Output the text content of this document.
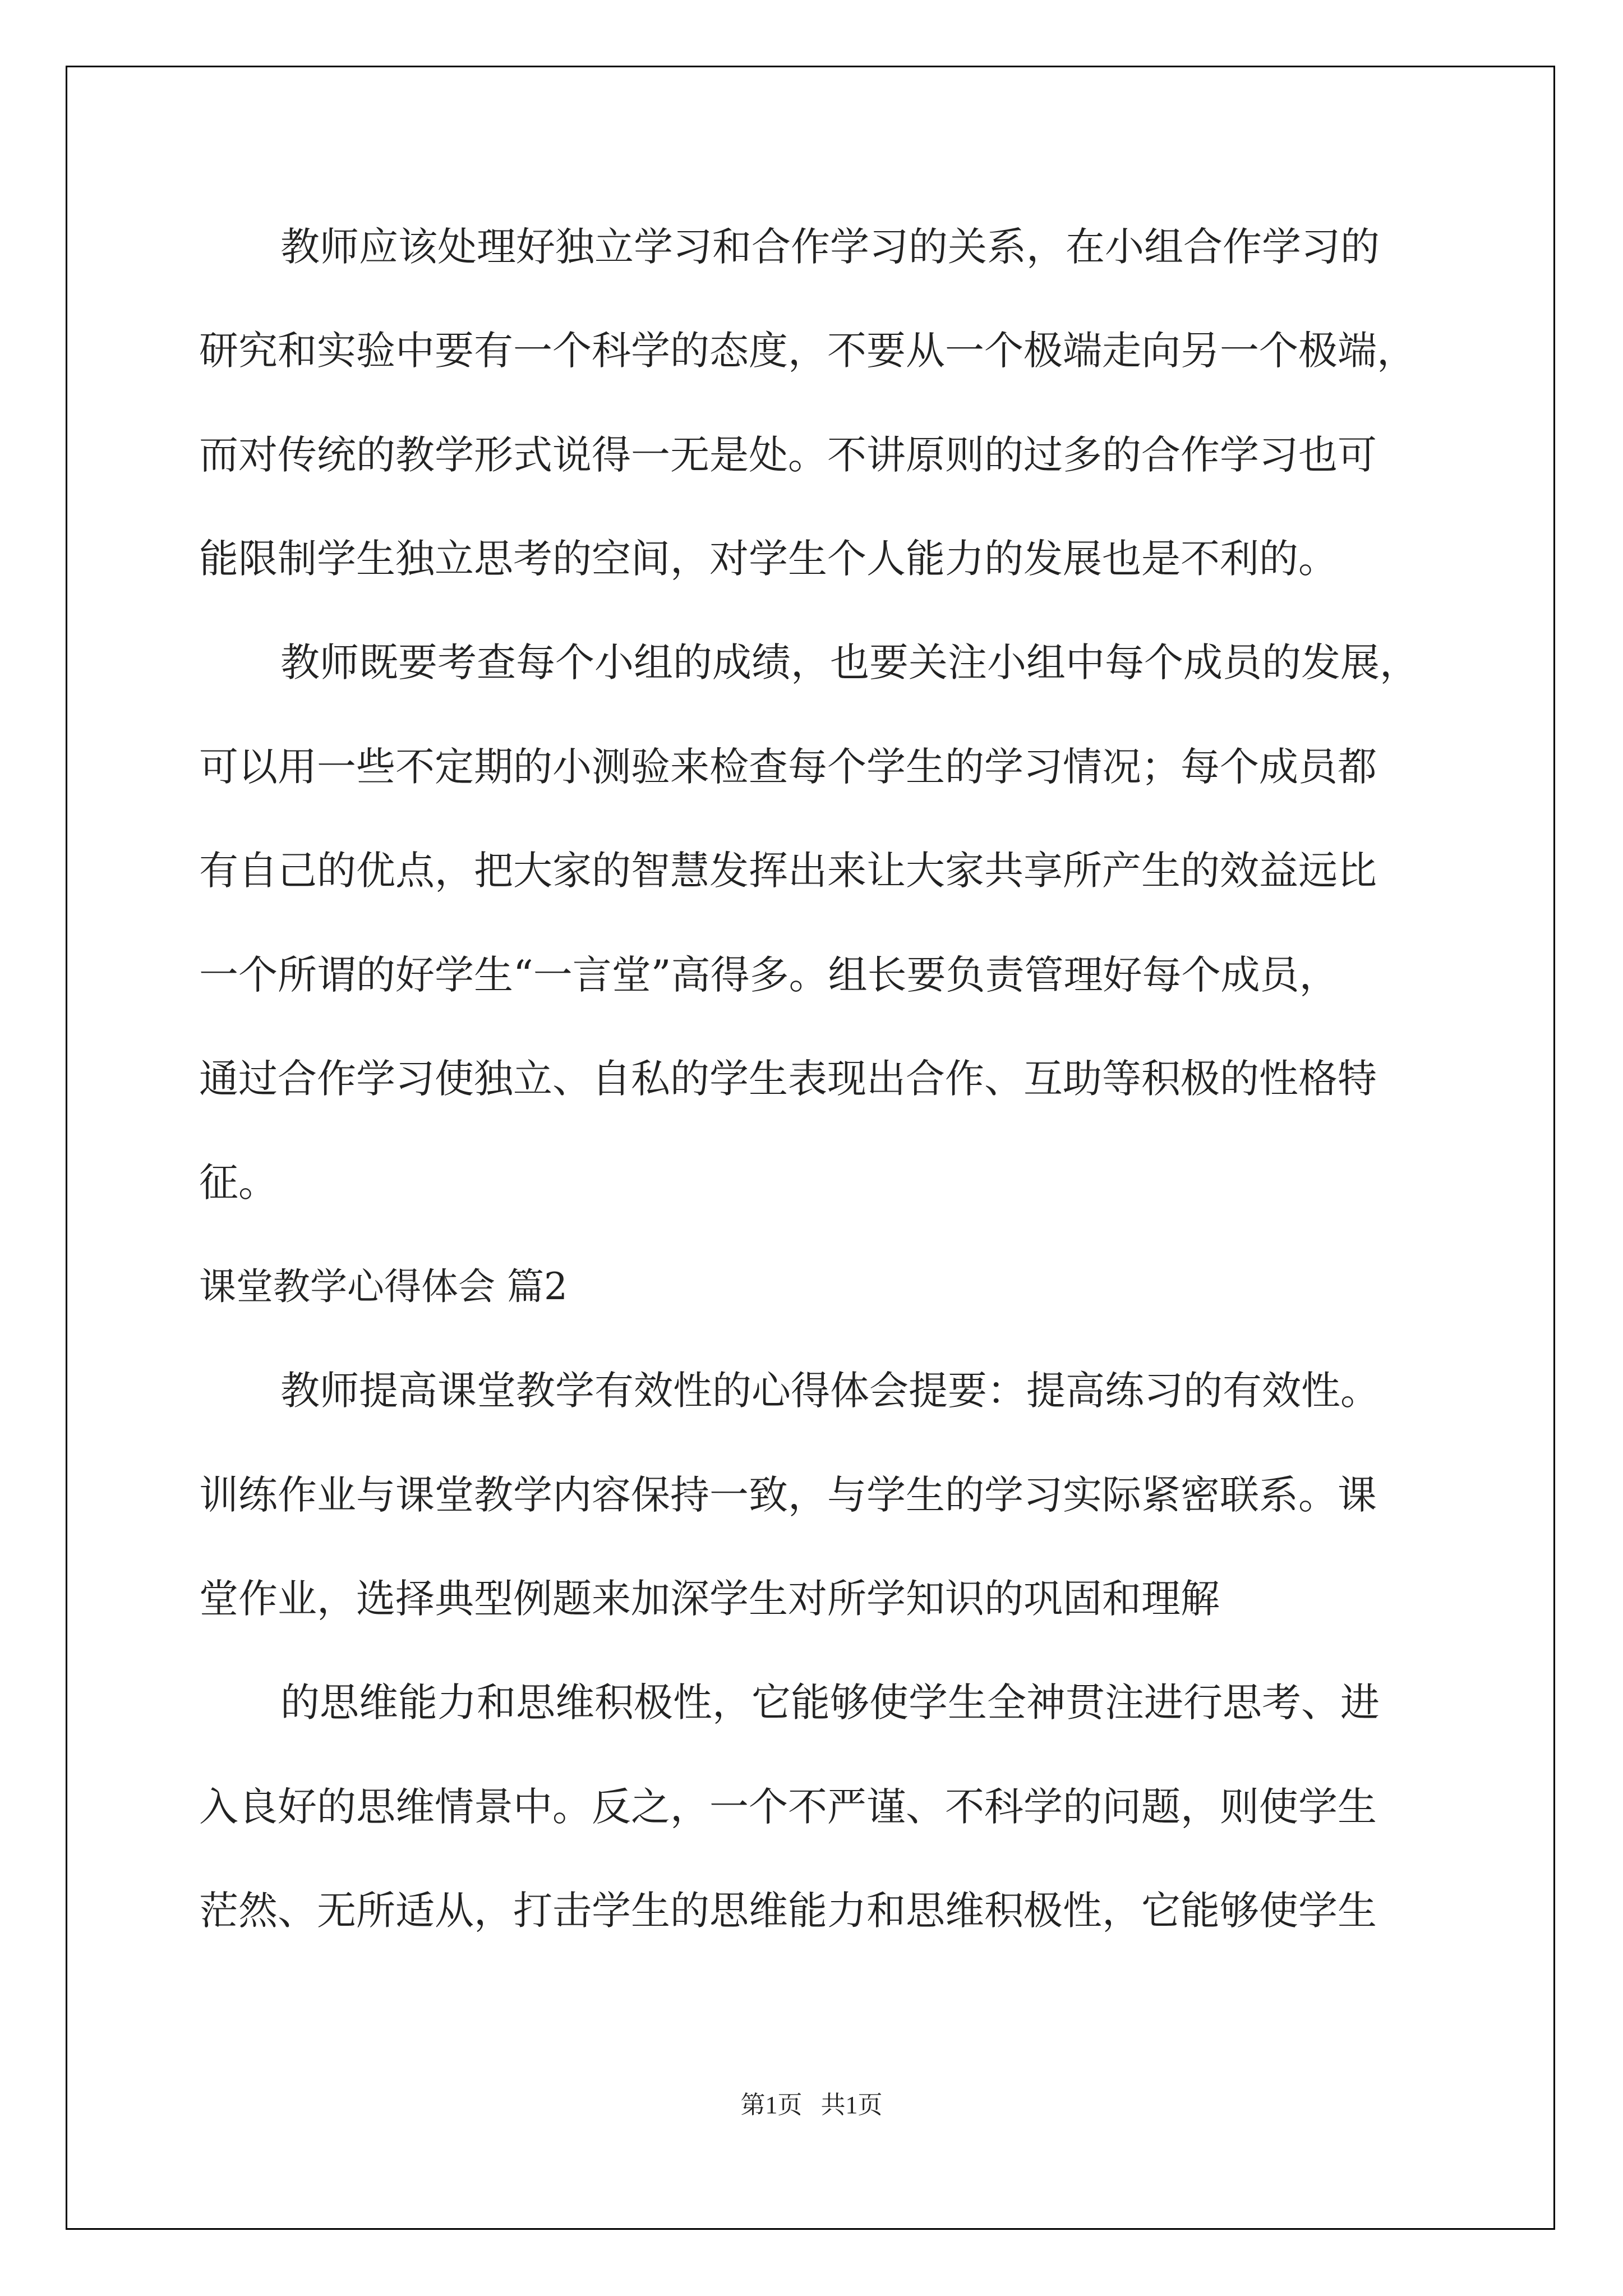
教师应该处理好独立学习和合作学习的关系，在小组合作学习的

研究和实验中要有一个科学的态度，不要从一个极端走向另一个极端，

而对传统的教学形式说得一无是处。不讲原则的过多的合作学习也可

能限制学生独立思考的空间，对学生个人能力的发展也是不利的。

教师既要考查每个小组的成绩，也要关注小组中每个成员的发展，

可以用一些不定期的小测验来检查每个学生的学习情况；每个成员都

有自己的优点，把大家的智慧发挥出来让大家共享所产生的效益远比

一个所谓的好学生“一言堂”高得多。组长要负责管理好每个成员，

通过合作学习使独立、自私的学生表现出合作、互助等积极的性格特

征。

课堂教学心得体会 篇2

教师提高课堂教学有效性的心得体会提要：提高练习的有效性。

训练作业与课堂教学内容保持一致，与学生的学习实际紧密联系。课

堂作业，选择典型例题来加深学生对所学知识的巩固和理解

的思维能力和思维积极性，它能够使学生全神贯注进行思考、进

入良好的思维情景中。反之，一个不严谨、不科学的问题，则使学生

茫然、无所适从，打击学生的思维能力和思维积极性，它能够使学生

第1页   共1页
